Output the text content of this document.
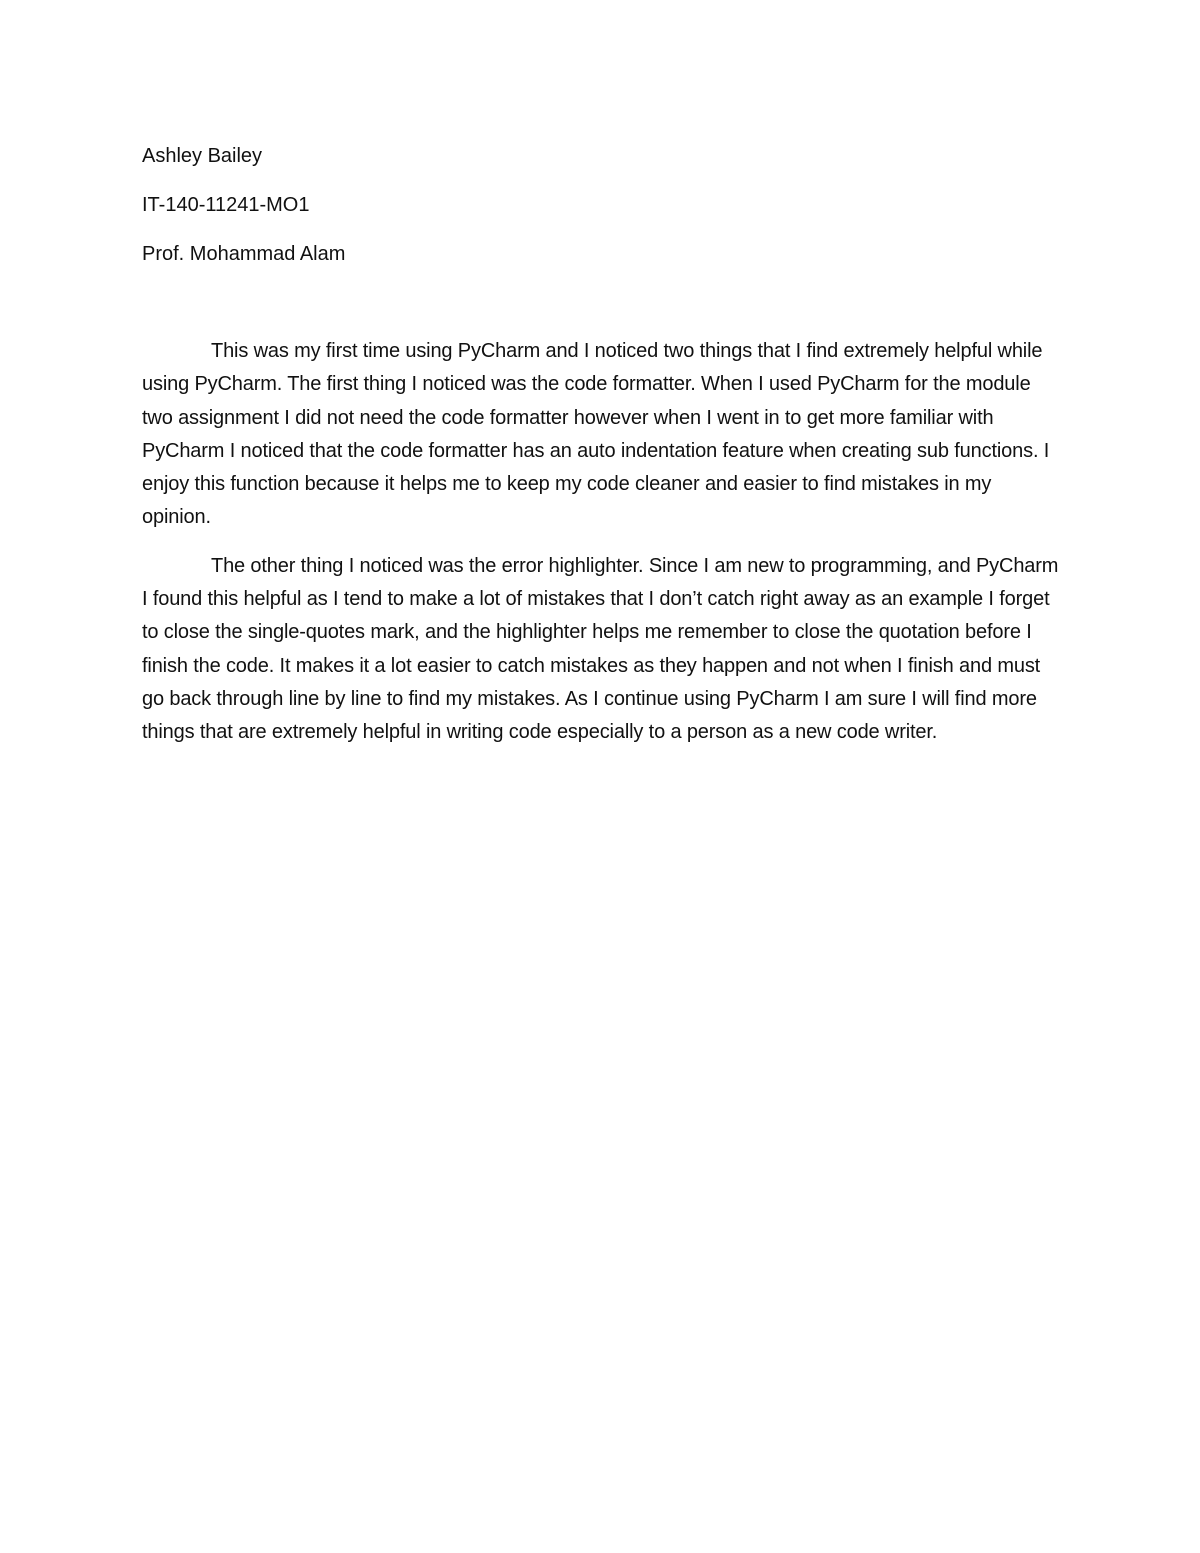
Ashley Bailey
IT-140-11241-MO1
Prof. Mohammad Alam

This was my first time using PyCharm and I noticed two things that I find extremely helpful while using PyCharm. The first thing I noticed was the code formatter. When I used PyCharm for the module two assignment I did not need the code formatter however when I went in to get more familiar with PyCharm I noticed that the code formatter has an auto indentation feature when creating sub functions. I enjoy this function because it helps me to keep my code cleaner and easier to find mistakes in my opinion.

The other thing I noticed was the error highlighter. Since I am new to programming, and PyCharm I found this helpful as I tend to make a lot of mistakes that I don’t catch right away as an example I forget to close the single-quotes mark, and the highlighter helps me remember to close the quotation before I finish the code. It makes it a lot easier to catch mistakes as they happen and not when I finish and must go back through line by line to find my mistakes. As I continue using PyCharm I am sure I will find more things that are extremely helpful in writing code especially to a person as a new code writer.
